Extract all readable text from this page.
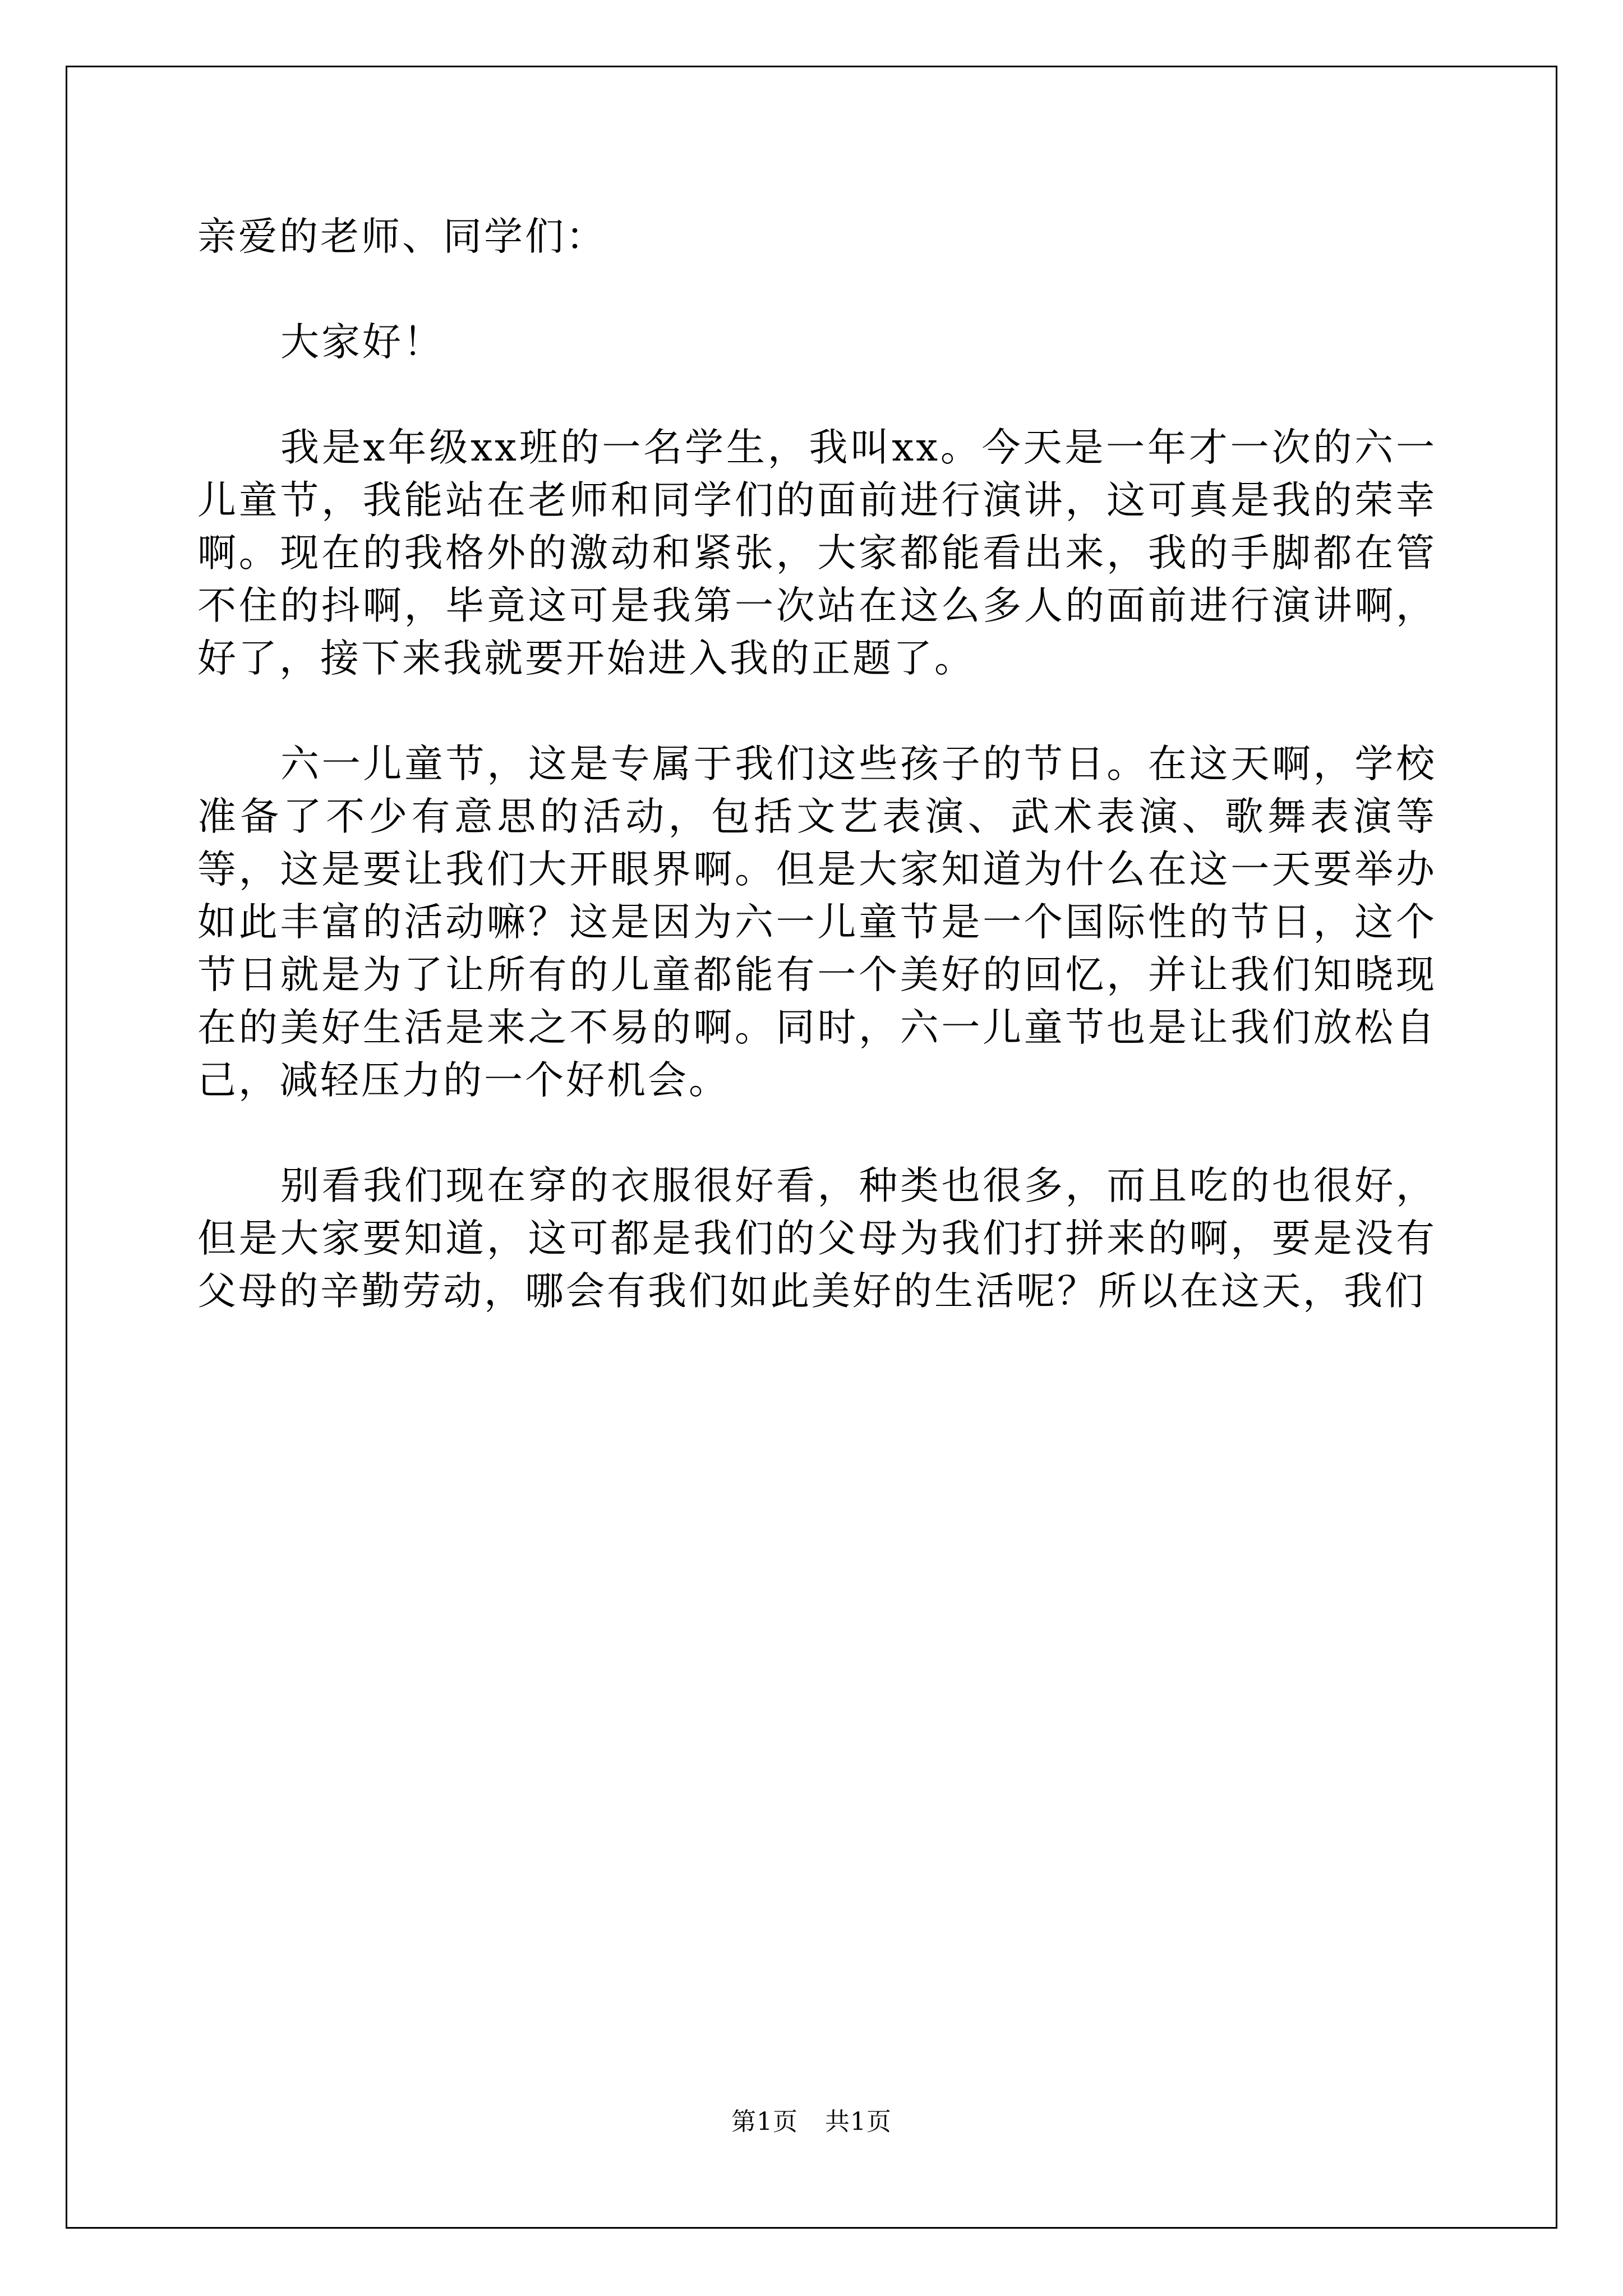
亲爱的老师、同学们：

大家好！

我是x年级xx班的一名学生，我叫xx。今天是一年才一次的六一儿童节，我能站在老师和同学们的面前进行演讲，这可真是我的荣幸啊。现在的我格外的激动和紧张，大家都能看出来，我的手脚都在管不住的抖啊，毕竟这可是我第一次站在这么多人的面前进行演讲啊，好了，接下来我就要开始进入我的正题了。

六一儿童节，这是专属于我们这些孩子的节日。在这天啊，学校准备了不少有意思的活动，包括文艺表演、武术表演、歌舞表演等等，这是要让我们大开眼界啊。但是大家知道为什么在这一天要举办如此丰富的活动嘛？这是因为六一儿童节是一个国际性的节日，这个节日就是为了让所有的儿童都能有一个美好的回忆，并让我们知晓现在的美好生活是来之不易的啊。同时，六一儿童节也是让我们放松自己，减轻压力的一个好机会。

别看我们现在穿的衣服很好看，种类也很多，而且吃的也很好，但是大家要知道，这可都是我们的父母为我们打拼来的啊，要是没有父母的辛勤劳动，哪会有我们如此美好的生活呢？所以在这天，我们

第1页 共1页
